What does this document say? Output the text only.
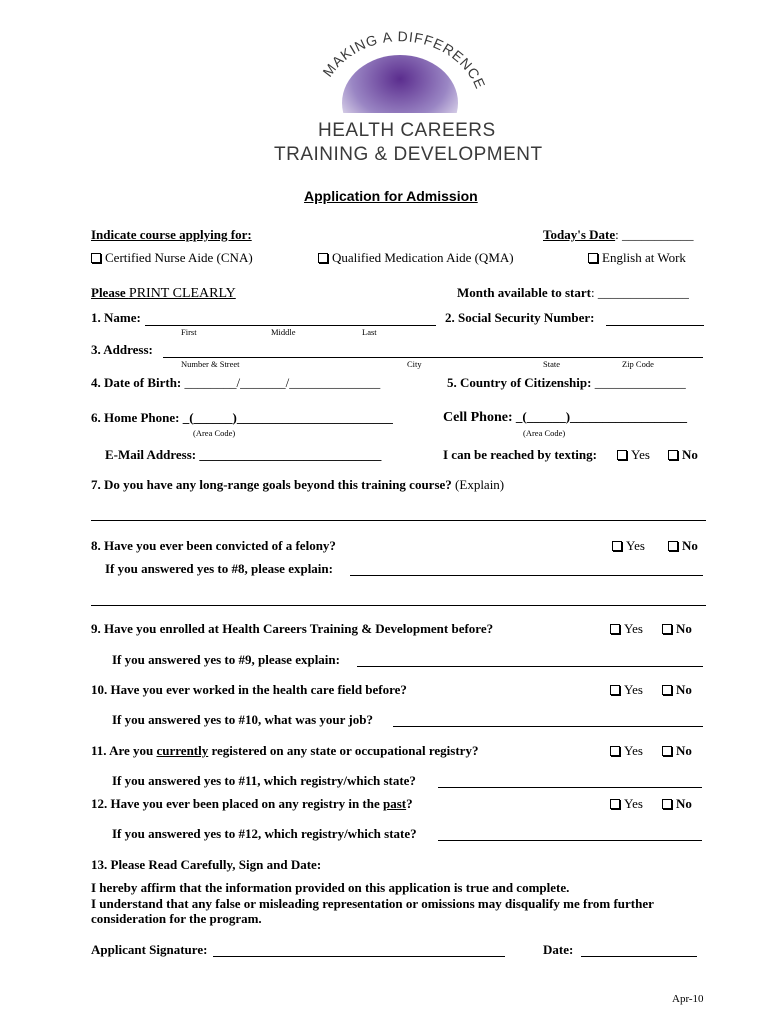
MAKING A DIFFERENCE
HEALTH CAREERS
TRAINING & DEVELOPMENT
Application for Admission
Indicate course applying for:	Today's Date: ___________
Certified Nurse Aide (CNA)	Qualified Medication Aide (QMA)	English at Work
Please PRINT CLEARLY	Month available to start: ______________
1. Name:
First	Middle	Last
2. Social Security Number:
3. Address:
Number & Street	City	State	Zip Code
4. Date of Birth: ________/_______/______________	5. Country of Citizenship: ______________
6. Home Phone: _(______)________________________
(Area Code)
Cell Phone: _(______)__________________
(Area Code)
E-Mail Address: ____________________________	I can be reached by texting:	Yes	No
7. Do you have any long-range goals beyond this training course? (Explain)
8. Have you ever been convicted of a felony?	Yes	No
If you answered yes to #8, please explain:
9. Have you enrolled at Health Careers Training & Development before?	Yes	No
If you answered yes to #9, please explain:
10. Have you ever worked in the health care field before?	Yes	No
If you answered yes to #10, what was your job?
11. Are you currently registered on any state or occupational registry?	Yes	No
If you answered yes to #11, which registry/which state?
12. Have you ever been placed on any registry in the past?	Yes	No
If you answered yes to #12, which registry/which state?
13. Please Read Carefully, Sign and Date:
I hereby affirm that the information provided on this application is true and complete.
I understand that any false or misleading representation or omissions may disqualify me from further
consideration for the program.
Applicant Signature:	Date:
Apr-10
